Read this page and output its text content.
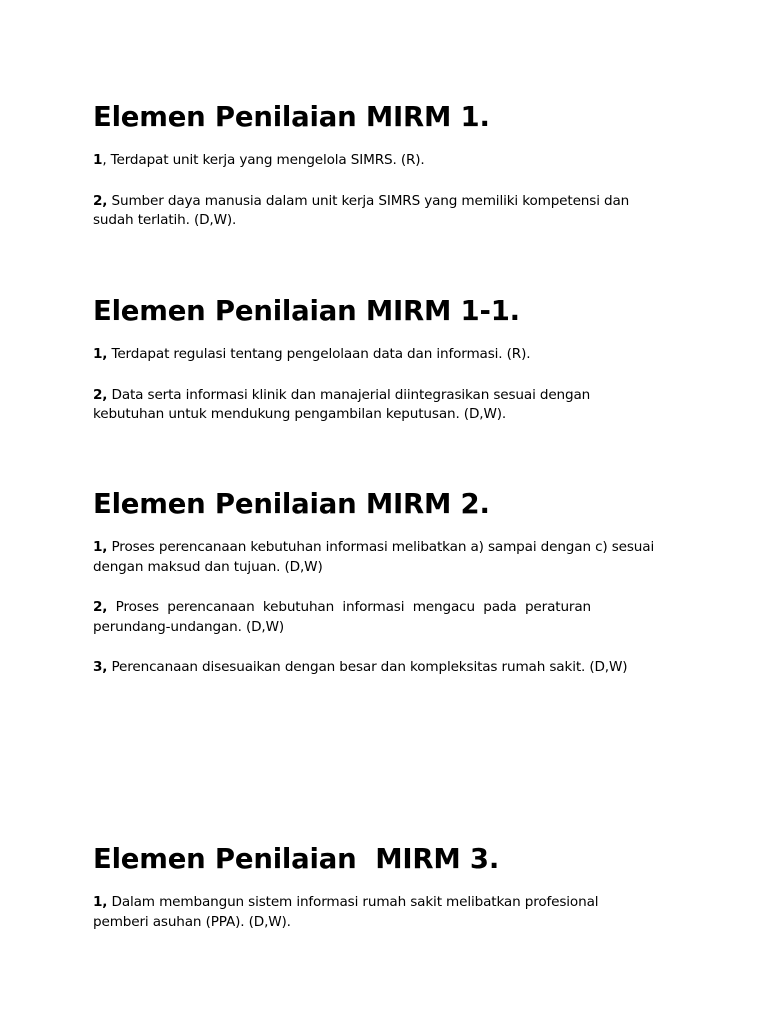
Elemen Penilaian MIRM 1.

1, Terdapat unit kerja yang mengelola SIMRS. (R).

2, Sumber daya manusia dalam unit kerja SIMRS yang memiliki kompetensi dan sudah terlatih. (D,W).

Elemen Penilaian MIRM 1-1.

1, Terdapat regulasi tentang pengelolaan data dan informasi. (R).

2, Data serta informasi klinik dan manajerial diintegrasikan sesuai dengan kebutuhan untuk mendukung pengambilan keputusan. (D,W).

Elemen Penilaian MIRM 2.

1, Proses perencanaan kebutuhan informasi melibatkan a) sampai dengan c) sesuai dengan maksud dan tujuan. (D,W)

2, Proses perencanaan kebutuhan informasi mengacu pada peraturan perundang-undangan. (D,W)

3, Perencanaan disesuaikan dengan besar dan kompleksitas rumah sakit. (D,W)

Elemen Penilaian  MIRM 3.

1, Dalam membangun sistem informasi rumah sakit melibatkan profesional pemberi asuhan (PPA). (D,W).
